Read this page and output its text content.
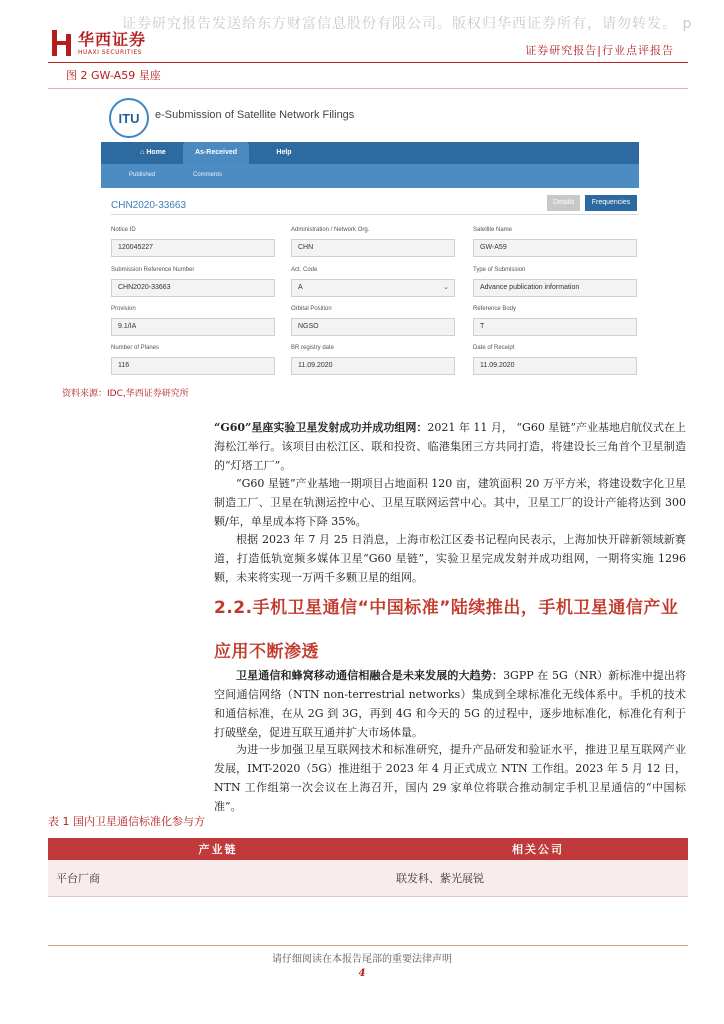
证券研究报告发送给东方财富信息股份有限公司。版权归华西证券所有，请勿转发。 p
华西证券
HUAXI SECURITIES	证券研究报告|行业点评报告
图 2 GW-A59 星座
ITU	e-Submission of Satellite Network Filings
⌂ Home	As-Received	Help
Published	Comments
CHN2020-33663	Details	Frequencies
Notice ID
120045227
Administration / Network Org.
CHN
Satellite Name
GW-A59
Submission Reference Number
CHN2020-33663
Act. Code
A	⌄
Type of Submission
Advance publication information
Provision
9.1/IA
Orbital Position
NGSO
Reference Body
T
Number of Planes
116
BR registry date
11.09.2020
Date of Receipt
11.09.2020
资料来源：IDC,华西证券研究所
“G60”星座实验卫星发射成功并成功组网：2021 年 11 月， “G60 星链”产业基地启航仪式在上海松江举行。该项目由松江区、联和投资、临港集团三方共同打造，将建设长三角首个卫星制造的“灯塔工厂”。
“G60 星链”产业基地一期项目占地面积 120 亩，建筑面积 20 万平方米，将建设数字化卫星制造工厂、卫星在轨测运控中心、卫星互联网运营中心。其中，卫星工厂的设计产能将达到 300 颗/年，单星成本将下降 35%。
根据 2023 年 7 月 25 日消息，上海市松江区委书记程向民表示，上海加快开辟新领域新赛道，打造低轨宽频多媒体卫星“G60 星链”，实验卫星完成发射并成功组网，一期将实施 1296 颗，未来将实现一万两千多颗卫星的组网。
2.2.手机卫星通信“中国标准”陆续推出，手机卫星通信产业应用不断渗透
卫星通信和蜂窝移动通信相融合是未来发展的大趋势：3GPP 在 5G（NR）新标准中提出将空间通信网络（NTN non-terrestrial networks）集成到全球标准化无线体系中。手机的技术和通信标准，在从 2G 到 3G，再到 4G 和今天的 5G 的过程中，逐步地标准化，标准化有利于打破壁垒，促进互联互通并扩大市场体量。
为进一步加强卫星互联网技术和标准研究，提升产品研发和验证水平，推进卫星互联网产业发展，IMT-2020（5G）推进组于 2023 年 4 月正式成立 NTN 工作组。2023 年 5 月 12 日，NTN 工作组第一次会议在上海召开，国内 29 家单位将联合推动制定手机卫星通信的“中国标准”。
表 1 国内卫星通信标准化参与方
产业链	相关公司
平台厂商	联发科、紫光展锐
请仔细阅读在本报告尾部的重要法律声明
4
